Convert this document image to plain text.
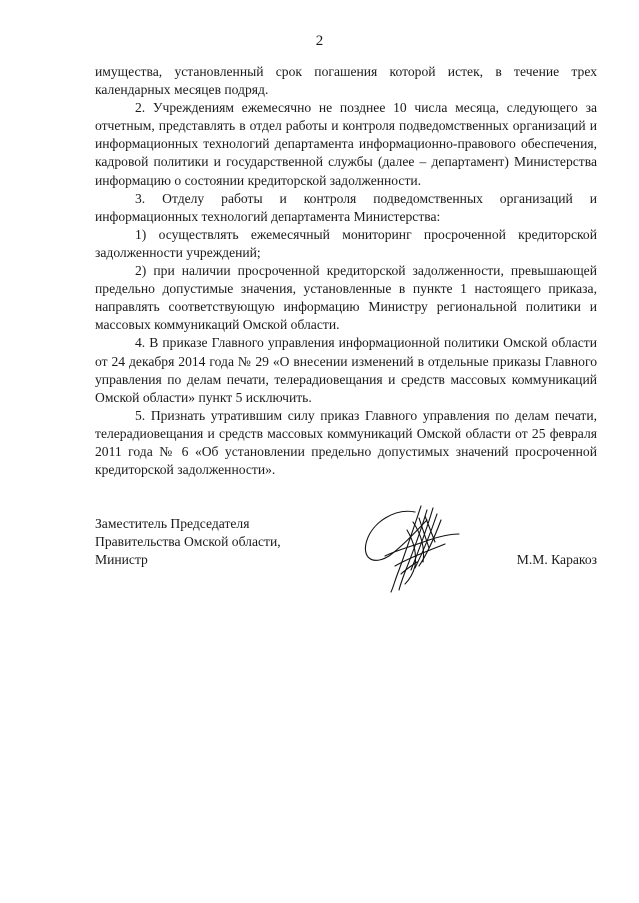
2

имущества, установленный срок погашения которой истек, в течение трех календарных месяцев подряд.

2. Учреждениям ежемесячно не позднее 10 числа месяца, следующего за отчетным, представлять в отдел работы и контроля подведомственных организаций и информационных технологий департамента информационно-правового обеспечения, кадровой политики и государственной службы (далее – департамент) Министерства информацию о состоянии кредиторской задолженности.

3. Отделу работы и контроля подведомственных организаций и информационных технологий департамента Министерства:

1) осуществлять ежемесячный мониторинг просроченной кредиторской задолженности учреждений;

2) при наличии просроченной кредиторской задолженности, превышающей предельно допустимые значения, установленные в пункте 1 настоящего приказа, направлять соответствующую информацию Министру региональной политики и массовых коммуникаций Омской области.

4. В приказе Главного управления информационной политики Омской области от 24 декабря 2014 года № 29 «О внесении изменений в отдельные приказы Главного управления по делам печати, телерадиовещания и средств массовых коммуникаций Омской области» пункт 5 исключить.

5. Признать утратившим силу приказ Главного управления по делам печати, телерадиовещания и средств массовых коммуникаций Омской области от 25 февраля 2011 года № 6 «Об установлении предельно допустимых значений просроченной кредиторской задолженности».

Заместитель Председателя

Правительства Омской области,

Министр	М.М. Каракоз
